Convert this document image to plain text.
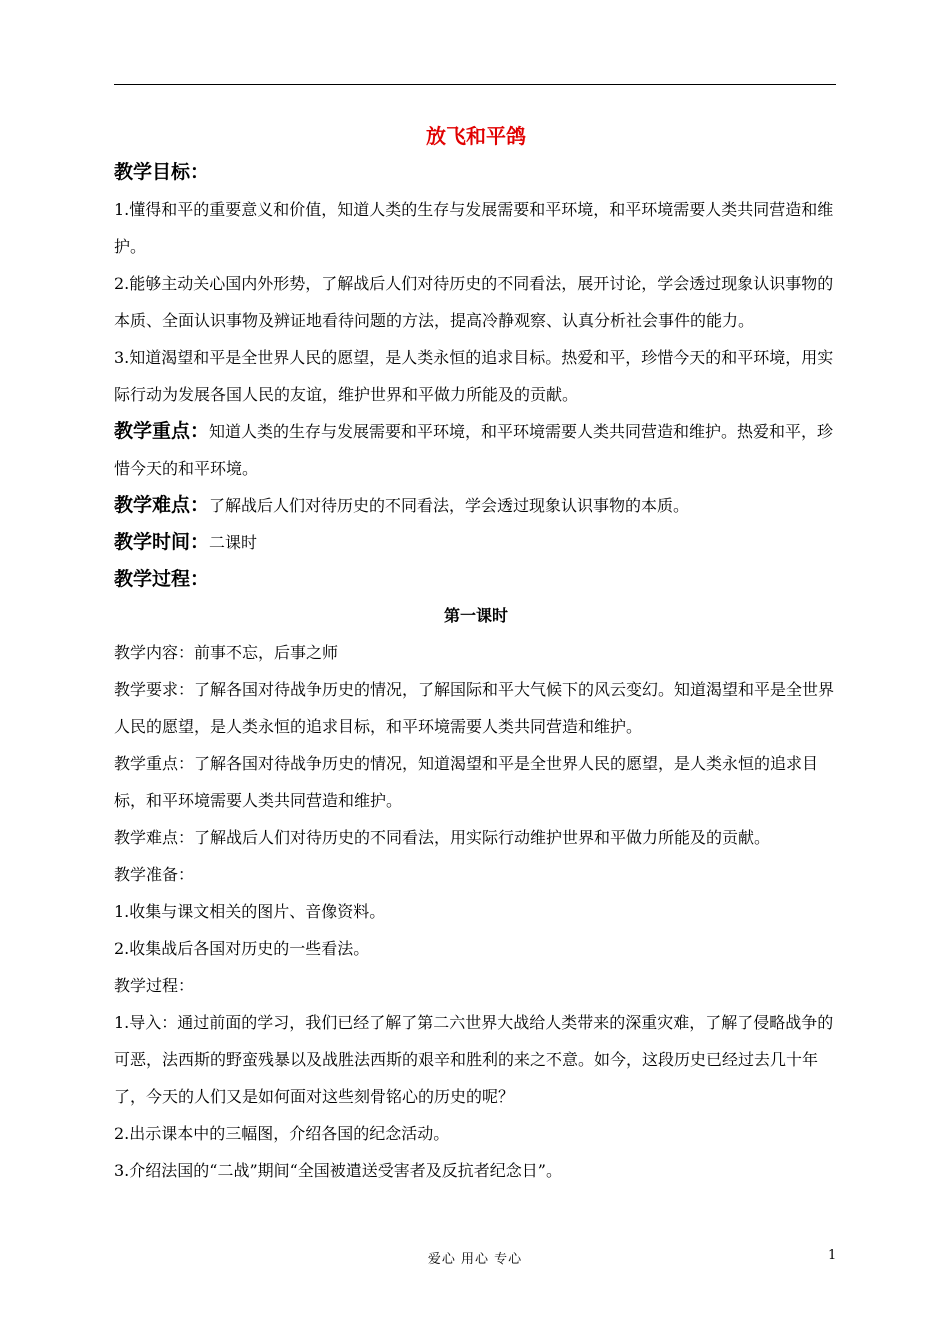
放飞和平鸽

教学目标：

1.懂得和平的重要意义和价值，知道人类的生存与发展需要和平环境，和平环境需要人类共同营造和维护。

2.能够主动关心国内外形势，了解战后人们对待历史的不同看法，展开讨论，学会透过现象认识事物的本质、全面认识事物及辨证地看待问题的方法，提高冷静观察、认真分析社会事件的能力。

3.知道渴望和平是全世界人民的愿望，是人类永恒的追求目标。热爱和平，珍惜今天的和平环境，用实际行动为发展各国人民的友谊，维护世界和平做力所能及的贡献。

教学重点：知道人类的生存与发展需要和平环境，和平环境需要人类共同营造和维护。热爱和平，珍惜今天的和平环境。

教学难点：了解战后人们对待历史的不同看法，学会透过现象认识事物的本质。

教学时间：二课时

教学过程：

第一课时

教学内容：前事不忘，后事之师

教学要求：了解各国对待战争历史的情况，了解国际和平大气候下的风云变幻。知道渴望和平是全世界人民的愿望，是人类永恒的追求目标，和平环境需要人类共同营造和维护。

教学重点：了解各国对待战争历史的情况，知道渴望和平是全世界人民的愿望，是人类永恒的追求目标，和平环境需要人类共同营造和维护。

教学难点：了解战后人们对待历史的不同看法，用实际行动维护世界和平做力所能及的贡献。

教学准备：

1.收集与课文相关的图片、音像资料。

2.收集战后各国对历史的一些看法。

教学过程：

1.导入：通过前面的学习，我们已经了解了第二六世界大战给人类带来的深重灾难，了解了侵略战争的可恶，法西斯的野蛮残暴以及战胜法西斯的艰辛和胜利的来之不意。如今，这段历史已经过去几十年了，今天的人们又是如何面对这些刻骨铭心的历史的呢？

2.出示课本中的三幅图，介绍各国的纪念活动。

3.介绍法国的“二战”期间“全国被遣送受害者及反抗者纪念日”。

爱心 用心 专心	1
